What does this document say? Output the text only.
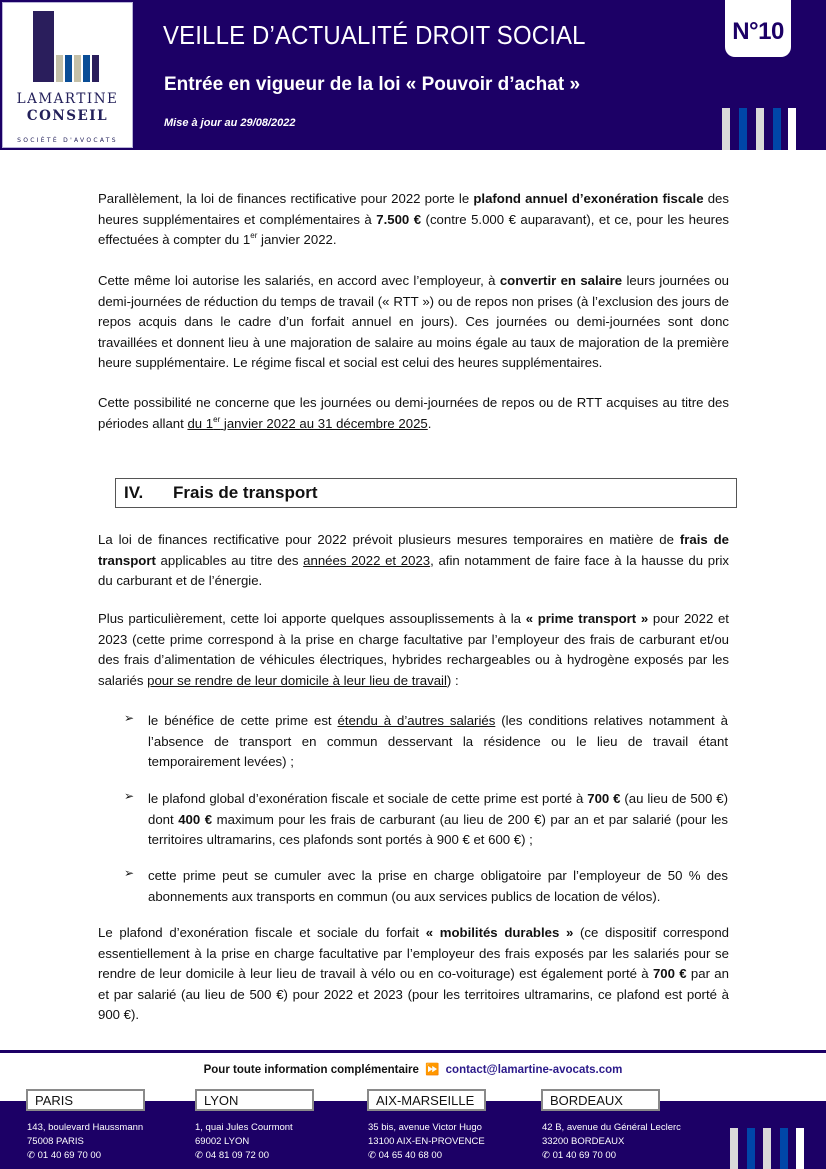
LAMARTINE
CONSEIL
SOCIÉTÉ D'AVOCATS
VEILLE D’ACTUALITÉ DROIT SOCIAL
Entrée en vigueur de la loi « Pouvoir d’achat »
Mise à jour au 29/08/2022
N°10
Parallèlement, la loi de finances rectificative pour 2022 porte le plafond annuel d’exonération fiscale des heures supplémentaires et complémentaires à 7.500 € (contre 5.000 € auparavant), et ce, pour les heures effectuées à compter du 1er janvier 2022.
Cette même loi autorise les salariés, en accord avec l’employeur, à convertir en salaire leurs journées ou demi-journées de réduction du temps de travail (« RTT ») ou de repos non prises (à l’exclusion des jours de repos acquis dans le cadre d’un forfait annuel en jours). Ces journées ou demi-journées sont donc travaillées et donnent lieu à une majoration de salaire au moins égale au taux de majoration de la première heure supplémentaire. Le régime fiscal et social est celui des heures supplémentaires.
Cette possibilité ne concerne que les journées ou demi-journées de repos ou de RTT acquises au titre des périodes allant du 1er janvier 2022 au 31 décembre 2025.
IV. Frais de transport
La loi de finances rectificative pour 2022 prévoit plusieurs mesures temporaires en matière de frais de transport applicables au titre des années 2022 et 2023, afin notamment de faire face à la hausse du prix du carburant et de l’énergie.
Plus particulièrement, cette loi apporte quelques assouplissements à la « prime transport » pour 2022 et 2023 (cette prime correspond à la prise en charge facultative par l’employeur des frais de carburant et/ou des frais d’alimentation de véhicules électriques, hybrides rechargeables ou à hydrogène exposés par les salariés pour se rendre de leur domicile à leur lieu de travail) :
➢ le bénéfice de cette prime est étendu à d’autres salariés (les conditions relatives notamment à l’absence de transport en commun desservant la résidence ou le lieu de travail étant temporairement levées) ;
➢ le plafond global d’exonération fiscale et sociale de cette prime est porté à 700 € (au lieu de 500 €) dont 400 € maximum pour les frais de carburant (au lieu de 200 €) par an et par salarié (pour les territoires ultramarins, ces plafonds sont portés à 900 € et 600 €) ;
➢ cette prime peut se cumuler avec la prise en charge obligatoire par l’employeur de 50 % des abonnements aux transports en commun (ou aux services publics de location de vélos).
Le plafond d’exonération fiscale et sociale du forfait « mobilités durables » (ce dispositif correspond essentiellement à la prise en charge facultative par l’employeur des frais exposés par les salariés pour se rendre de leur domicile à leur lieu de travail à vélo ou en co-voiturage) est également porté à 700 € par an et par salarié (au lieu de 500 €) pour 2022 et 2023 (pour les territoires ultramarins, ce plafond est porté à 900 €).
Pour toute information complémentaire ⏩ contact@lamartine-avocats.com
PARIS
143, boulevard Haussmann
75008 PARIS
✆ 01 40 69 70 00
LYON
1, quai Jules Courmont
69002 LYON
✆ 04 81 09 72 00
AIX-MARSEILLE
35 bis, avenue Victor Hugo
13100 AIX-EN-PROVENCE
✆ 04 65 40 68 00
BORDEAUX
42 B, avenue du Général Leclerc
33200 BORDEAUX
✆ 01 40 69 70 00
